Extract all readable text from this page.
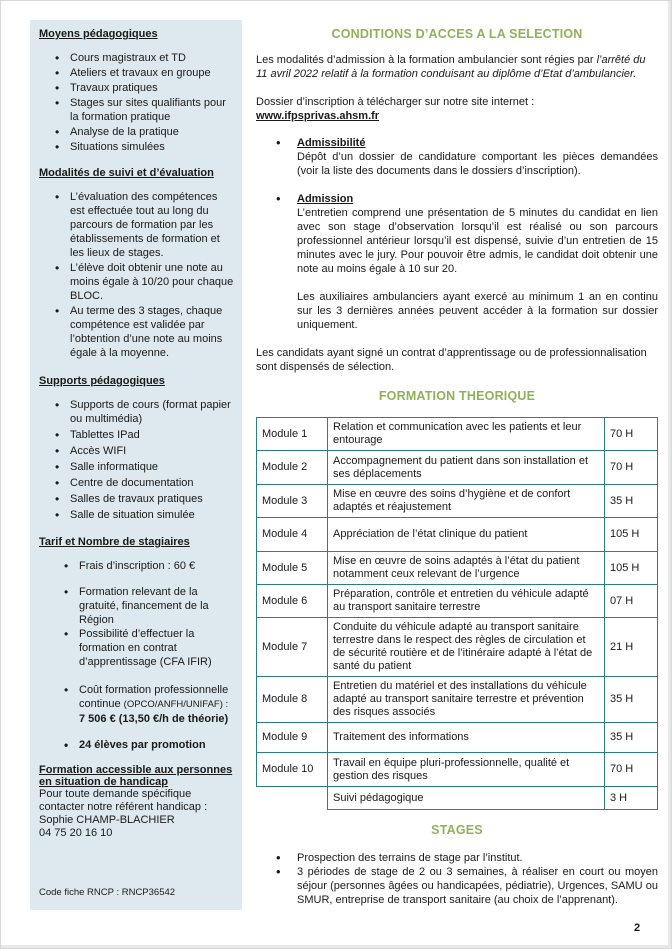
Moyens pédagogiques
• Cours magistraux et TD
• Ateliers et travaux en groupe
• Travaux pratiques
• Stages sur sites qualifiants pour la formation pratique
• Analyse de la pratique
• Situations simulées
Modalités de suivi et d’évaluation
• L’évaluation des compétences est effectuée tout au long du parcours de formation par les établissements de formation et les lieux de stages.
• L’élève doit obtenir une note au moins égale à 10/20 pour chaque BLOC.
• Au terme des 3 stages, chaque compétence est validée par l’obtention d’une note au moins égale à la moyenne.
Supports pédagogiques
• Supports de cours (format papier ou multimédia)
• Tablettes IPad
• Accès WIFI
• Salle informatique
• Centre de documentation
• Salles de travaux pratiques
• Salle de situation simulée
Tarif et Nombre de stagiaires
• Frais d’inscription : 60 €
• Formation relevant de la gratuité, financement de la Région
• Possibilité d’effectuer la formation en contrat d’apprentissage (CFA IFIR)
• Coût formation professionnelle continue (OPCO/ANFH/UNIFAF) :
7 506 € (13,50 €/h de théorie)
• 24 élèves par promotion
Formation accessible aux personnes en situation de handicap
Pour toute demande spécifique contacter notre référent handicap :
Sophie CHAMP-BLACHIER
04 75 20 16 10
Code fiche RNCP : RNCP36542
CONDITIONS D’ACCES A LA SELECTION

Les modalités d’admission à la formation ambulancier sont régies par l’arrêté du 11 avril 2022 relatif à la formation conduisant au diplôme d’Etat d’ambulancier.

Dossier d’inscription à télécharger sur notre site internet :

www.ifpsprivas.ahsm.fr

• Admissibilité
Dépôt d’un dossier de candidature comportant les pièces demandées (voir la liste des documents dans le dossiers d’inscription).
• Admission
L’entretien comprend une présentation de 5 minutes du candidat en lien avec son stage d’observation lorsqu’il est réalisé ou son parcours professionnel antérieur lorsqu’il est dispensé, suivie d’un entretien de 15 minutes avec le jury. Pour pouvoir être admis, le candidat doit obtenir une note au moins égale à 10 sur 20.
Les auxiliaires ambulanciers ayant exercé au minimum 1 an en continu sur les 3 dernières années peuvent accéder à la formation sur dossier uniquement.

Les candidats ayant signé un contrat d’apprentissage ou de professionnalisation sont dispensés de sélection.

FORMATION THEORIQUE
Module 1	Relation et communication avec les patients et leur entourage	70 H
Module 2	Accompagnement du patient dans son installation et ses déplacements	70 H
Module 3	Mise en œuvre des soins d’hygiène et de confort adaptés et réajustement	35 H
Module 4	Appréciation de l’état clinique du patient	105 H
Module 5	Mise en œuvre de soins adaptés à l’état du patient notamment ceux relevant de l’urgence	105 H
Module 6	Préparation, contrôle et entretien du véhicule adapté au transport sanitaire terrestre	07 H
Module 7	Conduite du véhicule adapté au transport sanitaire terrestre dans le respect des règles de circulation et de sécurité routière et de l’itinéraire adapté à l’état de santé du patient	21 H
Module 8	Entretien du matériel et des installations du véhicule adapté au transport sanitaire terrestre et prévention des risques associés	35 H
Module 9	Traitement des informations	35 H
Module 10	Travail en équipe pluri-professionnelle, qualité et gestion des risques	70 H
	Suivi pédagogique	3 H
STAGES
• Prospection des terrains de stage par l’institut.
• 3 périodes de stage de 2 ou 3 semaines, à réaliser en court ou moyen séjour (personnes âgées ou handicapées, pédiatrie), Urgences, SAMU ou SMUR, entreprise de transport sanitaire (au choix de l’apprenant).
2
